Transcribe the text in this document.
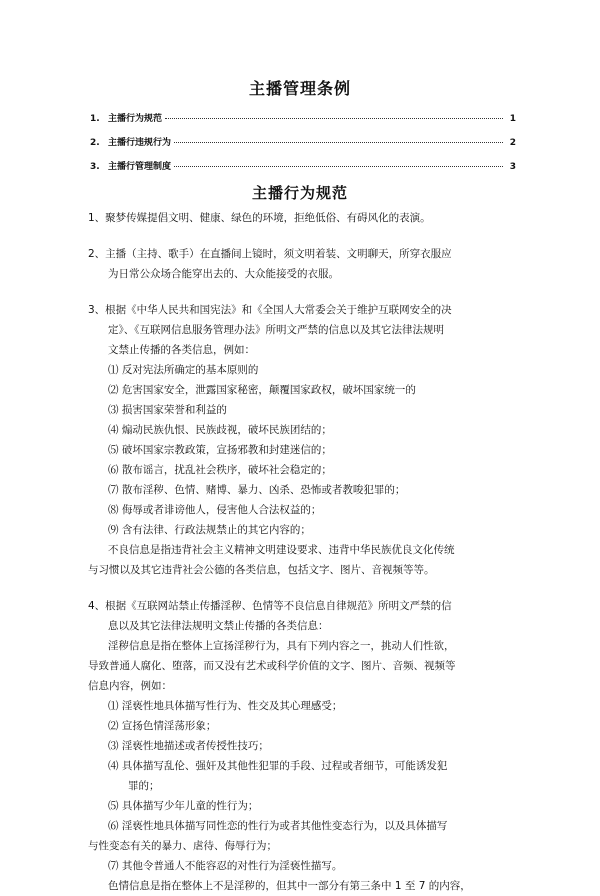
主播管理条例
1. 主播行为规范	1
2. 主播行违规行为	2
3. 主播行管理制度	3
主播行为规范
1、聚梦传媒提倡文明、健康、绿色的环境，拒绝低俗、有碍风化的表演。
2、主播（主持、歌手）在直播间上镜时，须文明着装、文明聊天，所穿衣服应
为日常公众场合能穿出去的、大众能接受的衣服。
3、根据《中华人民共和国宪法》和《全国人大常委会关于维护互联网安全的决
定》、《互联网信息服务管理办法》所明文严禁的信息以及其它法律法规明
文禁止传播的各类信息，例如：
⑴ 反对宪法所确定的基本原则的
⑵ 危害国家安全，泄露国家秘密，颠覆国家政权，破坏国家统一的
⑶ 损害国家荣誉和利益的
⑷ 煽动民族仇恨、民族歧视，破坏民族团结的；
⑸ 破坏国家宗教政策，宣扬邪教和封建迷信的；
⑹ 散布谣言，扰乱社会秩序，破坏社会稳定的；
⑺ 散布淫秽、色情、赌博、暴力、凶杀、恐怖或者教唆犯罪的；
⑻ 侮辱或者诽谤他人，侵害他人合法权益的；
⑼ 含有法律、行政法规禁止的其它内容的；
不良信息是指违背社会主义精神文明建设要求、违背中华民族优良文化传统
与习惯以及其它违背社会公德的各类信息，包括文字、图片、音视频等等。
4、根据《互联网站禁止传播淫秽、色情等不良信息自律规范》所明文严禁的信
息以及其它法律法规明文禁止传播的各类信息：
淫秽信息是指在整体上宣扬淫秽行为，具有下列内容之一，挑动人们性欲，
导致普通人腐化、堕落，而又没有艺术或科学价值的文字、图片、音频、视频等
信息内容，例如：
⑴ 淫亵性地具体描写性行为、性交及其心理感受；
⑵ 宣扬色情淫荡形象；
⑶ 淫亵性地描述或者传授性技巧；
⑷ 具体描写乱伦、强奸及其他性犯罪的手段、过程或者细节，可能诱发犯
罪的；
⑸ 具体描写少年儿童的性行为；
⑹ 淫亵性地具体描写同性恋的性行为或者其他性变态行为，以及具体描写
与性变态有关的暴力、虐待、侮辱行为；
⑺ 其他令普通人不能容忍的对性行为淫亵性描写。
色情信息是指在整体上不是淫秽的，但其中一部分有第三条中 1 至 7 的内容，
